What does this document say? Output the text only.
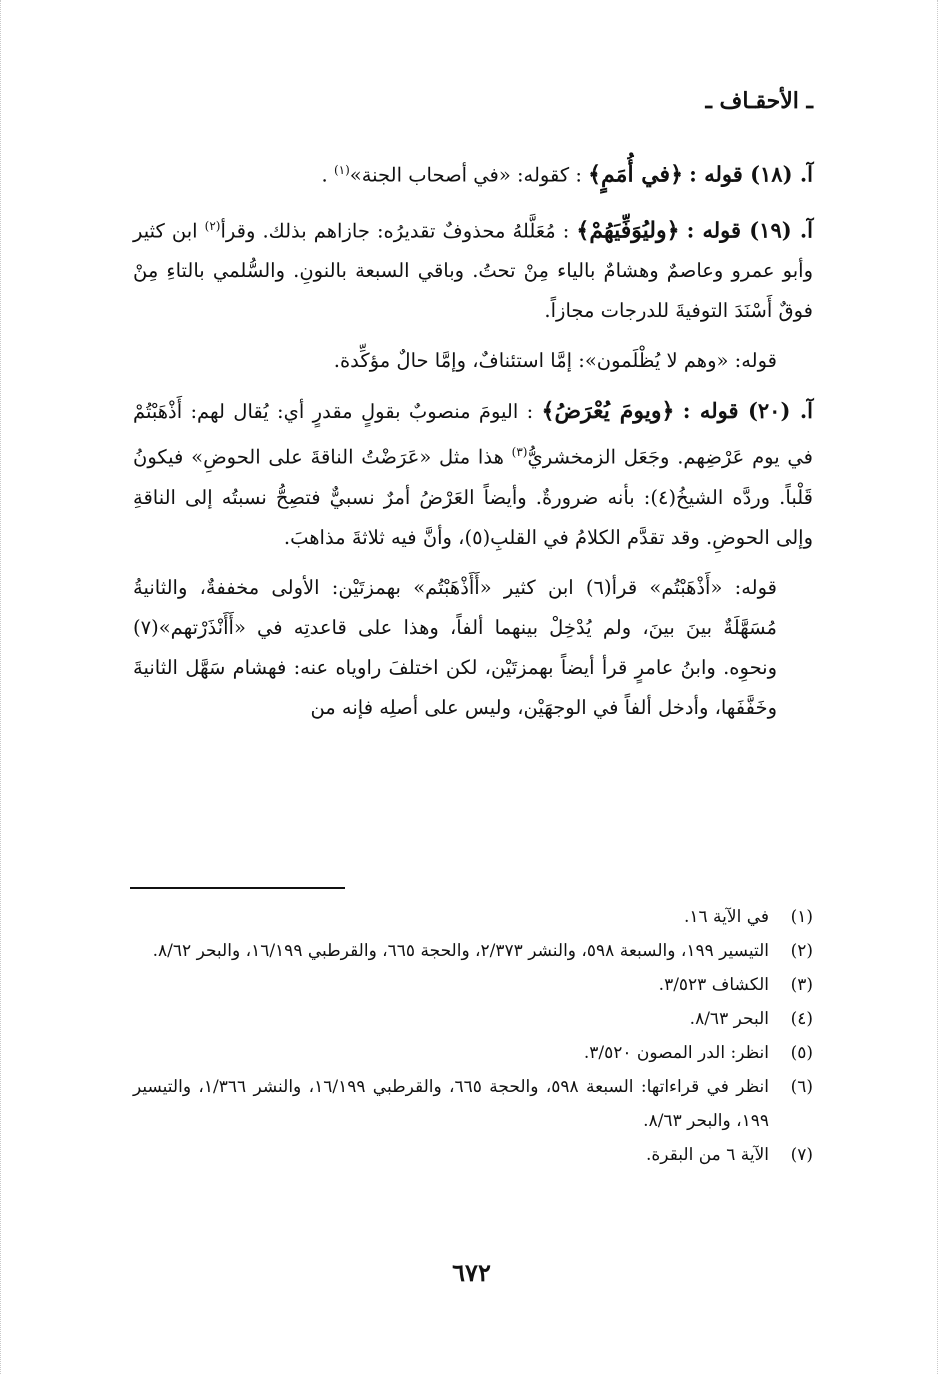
ـ الأحقـاف ـ

آ. (١٨) قوله : ﴿في أُمَمٍ﴾ : كقوله: «في أصحاب الجنة»$^{(١)}$ .

آ. (١٩) قوله : ﴿وليُوَفِّيَهُمْ﴾ : مُعَلَّلهُ محذوفٌ تقديرُه: جازاهم بذلك. وقرأ$^{(٢)}$ ابن كثير وأبو عمرو وعاصمٌ وهشامٌ بالياء مِنْ تحتُ. وباقي السبعة بالنونِ. والسُّلمي بالتاءِ مِنْ فوقٌ أَسْنَدَ التوفيةَ للدرجات مجازاً.

قوله: «وهم لا يُظْلَمون»: إمَّا استئنافٌ، وإمَّا حالٌ مؤكِّدة.

آ. (٢٠) قوله : ﴿ويومَ يُعْرَضُ﴾ : اليومَ منصوبٌ بقولٍ مقدرٍ أي: يُقال لهم: أَذْهَبْتُمْ في يوم عَرْضِهم. وجَعَل الزمخشريُّ$^{(٣)}$ هذا مثل «عَرَضْتُ الناقةَ على الحوضِ» فيكونُ قَلْباً. وردَّه الشيخُ(٤): بأنه ضرورةٌ. وأيضاً العَرْضُ أمرٌ نسبيٌّ فتصِحُّ نسبتُه إلى الناقةِ وإلى الحوضِ. وقد تقدَّم الكلامُ في القلبِ(٥)، وأنَّ فيه ثلاثةَ مذاهبَ.

قوله: «أَذْهَبْتُم» قرأ(٦) ابن كثير «أَأَذْهَبْتُم» بهمزتَيْن: الأولى مخففةٌ، والثانيةُ مُسَهَّلَةٌ بينَ بينَ، ولم يُدْخِلْ بينهما ألفاً، وهذا على قاعدتِه في «أَأَنْذَرْتهم»(٧) ونحوِه. وابنُ عامرٍ قرأ أيضاً بهمزتَيْن، لكن اختلفَ راوياه عنه: فهشام سَهَّل الثانيةَ وخَفَّفَها، وأدخل ألفاً في الوجهَيْن، وليس على أصلِه فإنه من

(١)
في الآية ١٦.
(٢)
التيسير ١٩٩، والسبعة ٥٩٨، والنشر ٢/٣٧٣، والحجة ٦٦٥، والقرطبي ١٦/١٩٩، والبحر ٨/٦٢.
(٣)
الكشاف ٣/٥٢٣.
(٤)
البحر ٨/٦٣.
(٥)
انظر: الدر المصون ٣/٥٢٠.
(٦)
انظر في قراءاتها: السبعة ٥٩٨، والحجة ٦٦٥، والقرطبي ١٦/١٩٩، والنشر ١/٣٦٦، والتيسير ١٩٩، والبحر ٨/٦٣.
(٧)
الآية ٦ من البقرة.
٦٧٢
